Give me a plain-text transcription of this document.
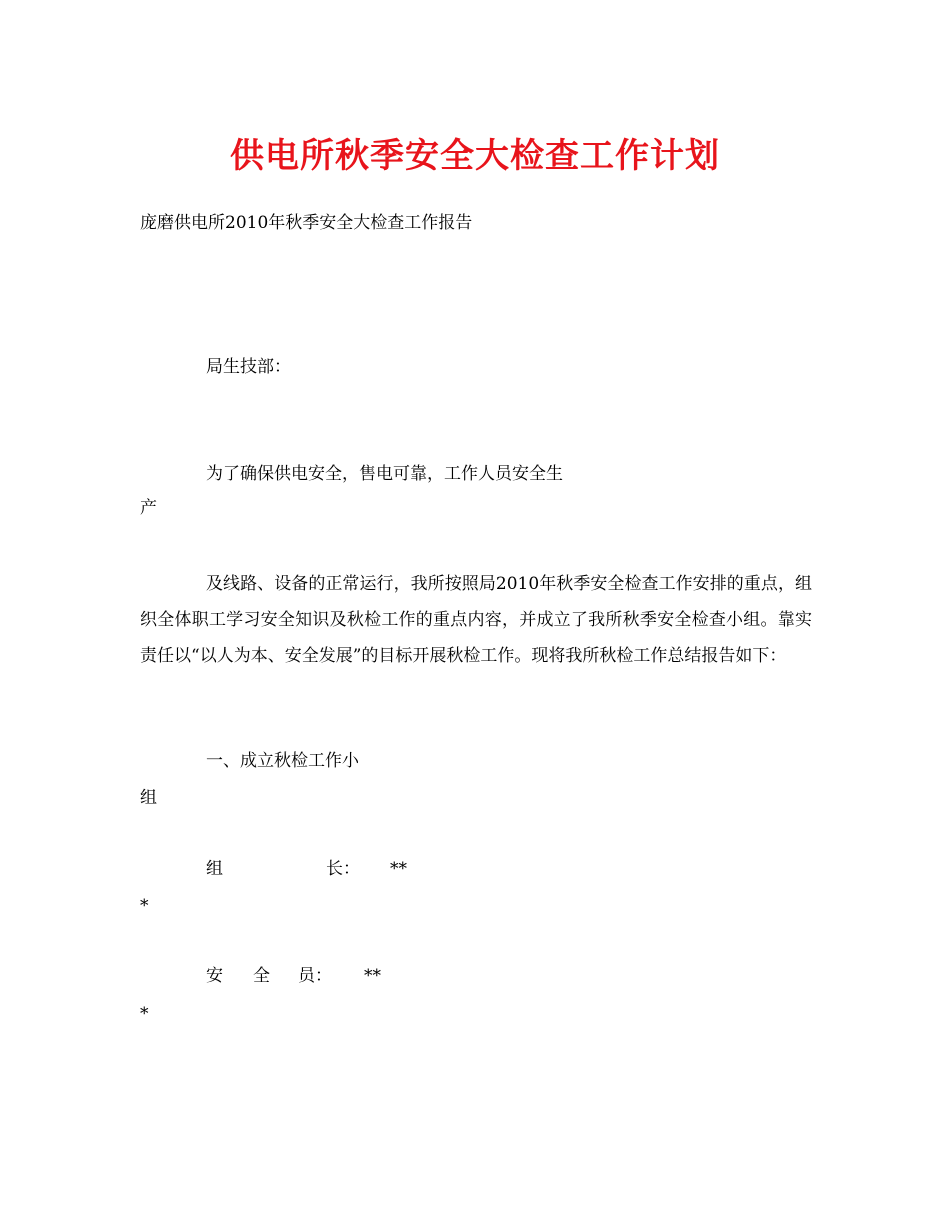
供电所秋季安全大检查工作计划

庞磨供电所2010年秋季安全大检查工作报告

局生技部：

为了确保供电安全，售电可靠，工作人员安全生

产

及线路、设备的正常运行，我所按照局2010年秋季安全检查工作安排的重点，组织全体职工学习安全知识及秋检工作的重点内容，并成立了我所秋季安全检查小组。靠实责任以“以人为本、安全发展”的目标开展秋检工作。现将我所秋检工作总结报告如下：

一、成立秋检工作小

组

组	长： **

*

安 全 员： **

*
